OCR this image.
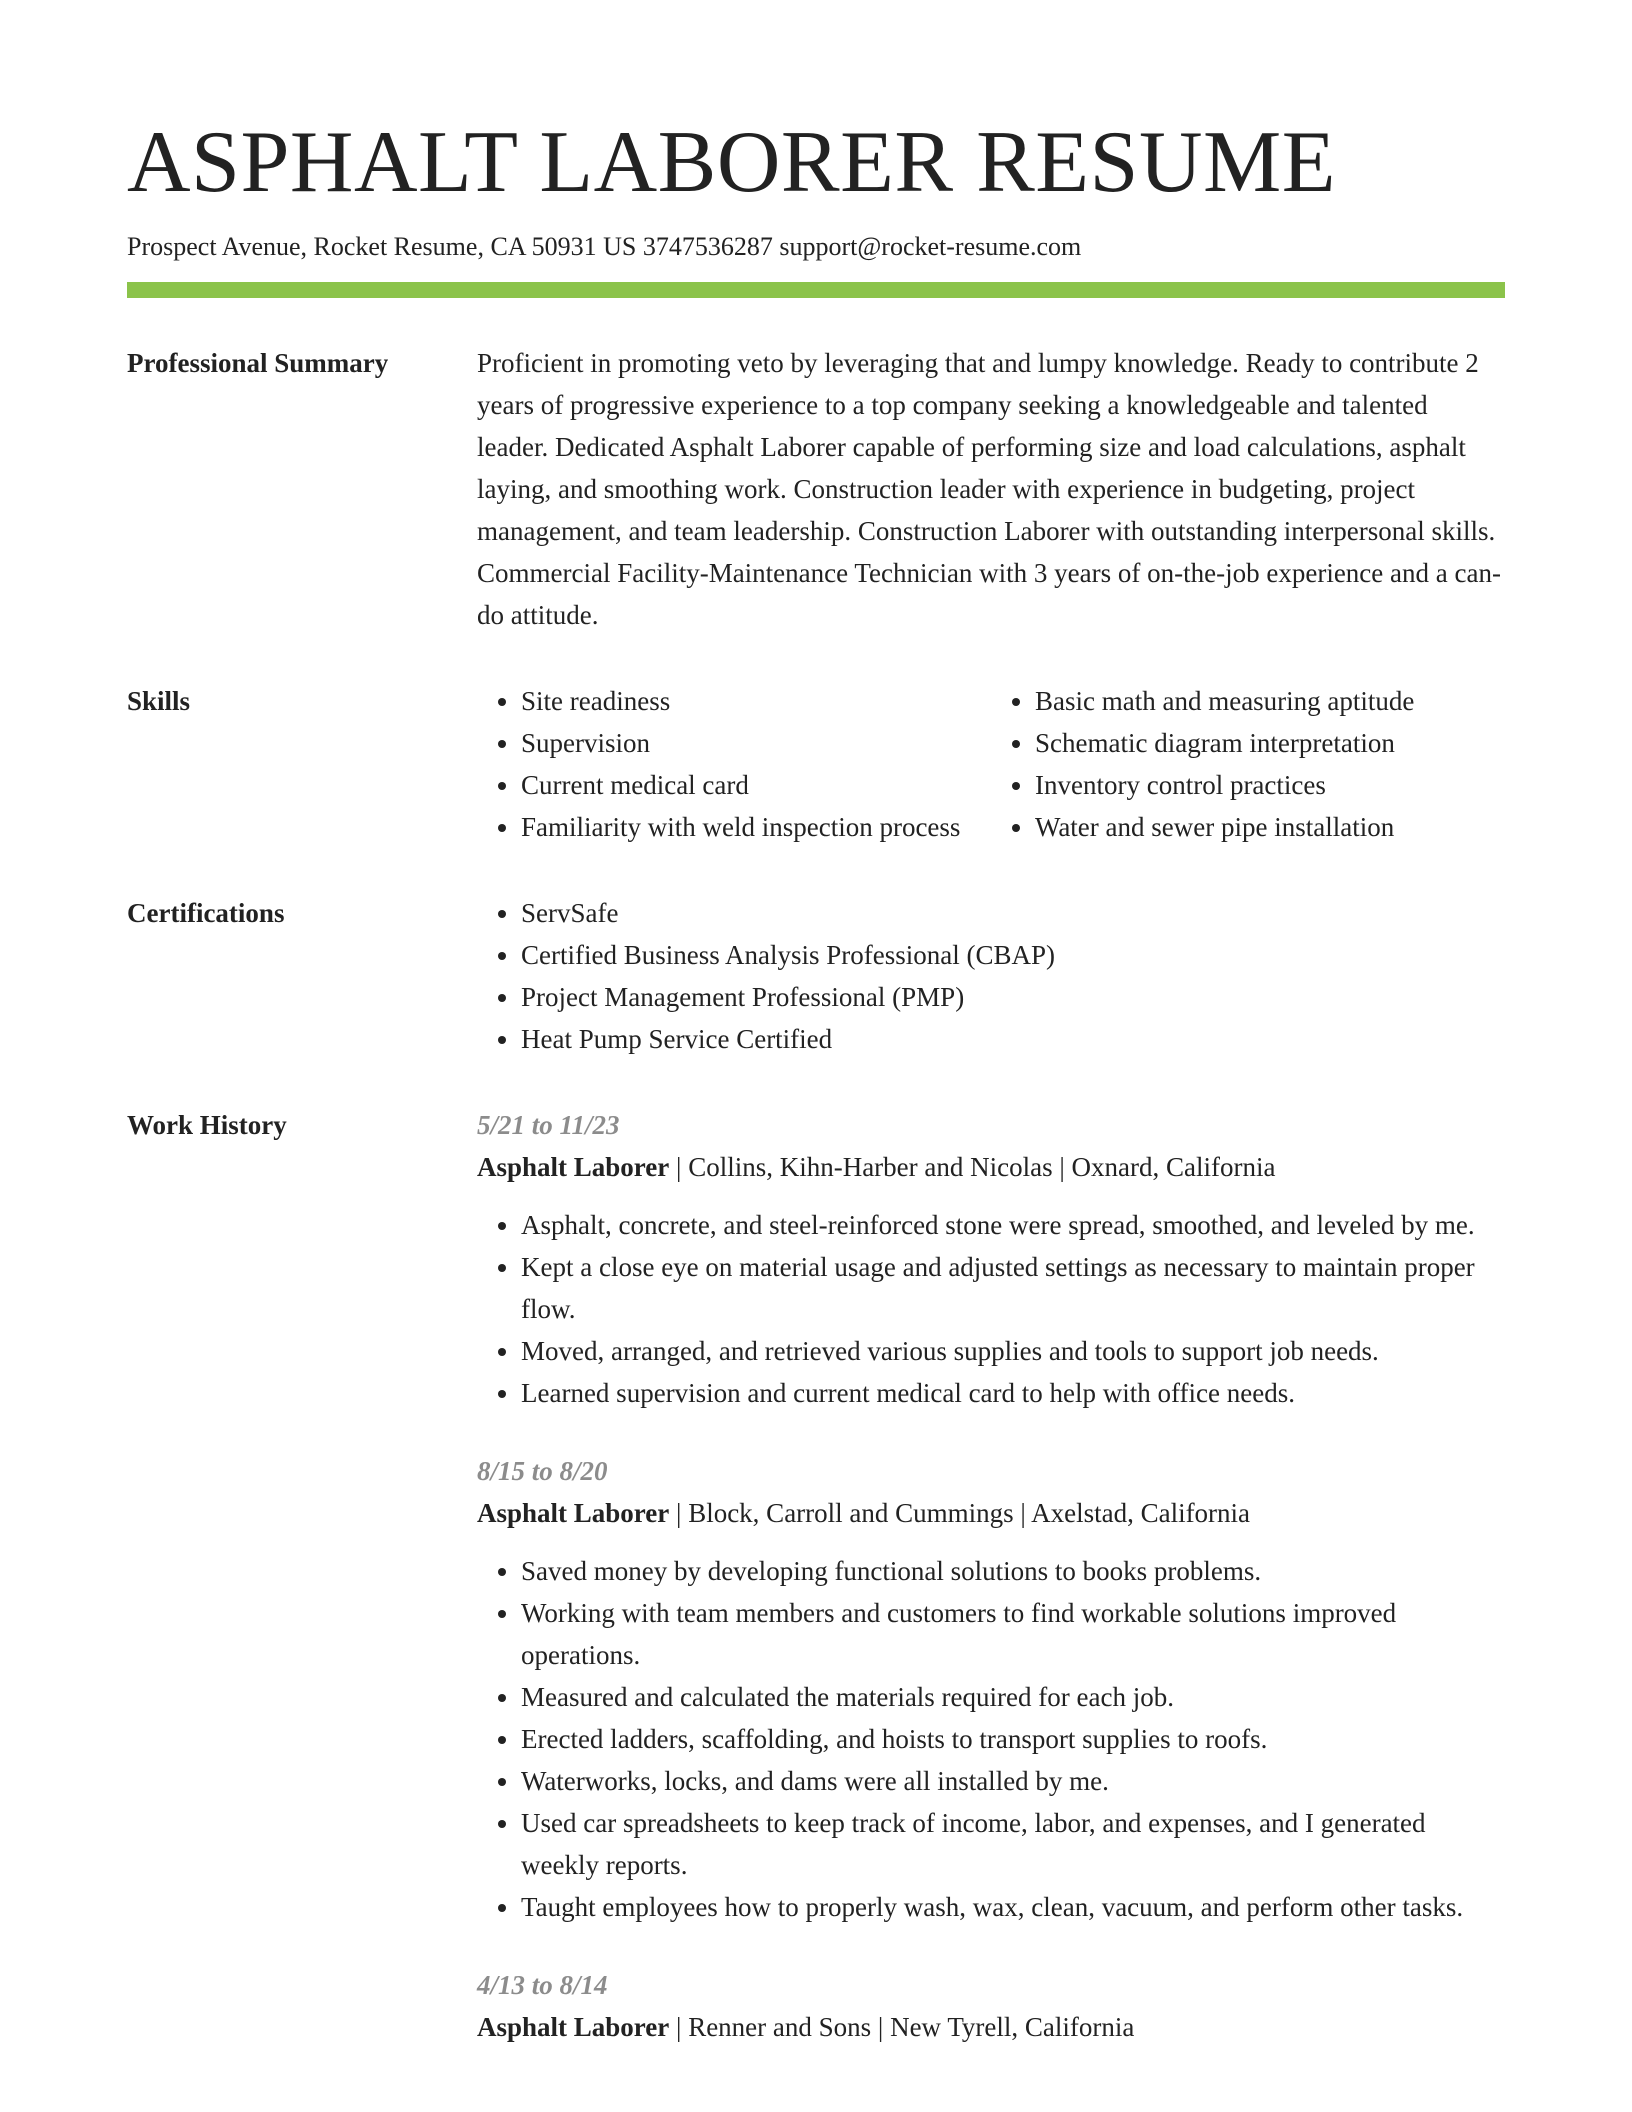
ASPHALT LABORER RESUME
Prospect Avenue, Rocket Resume, CA 50931 US 3747536287 support@rocket-resume.com
Professional Summary	Proficient in promoting veto by leveraging that and lumpy knowledge. Ready to contribute 2 years of progressive experience to a top company seeking a knowledgeable and talented leader. Dedicated Asphalt Laborer capable of performing size and load calculations, asphalt laying, and smoothing work. Construction leader with experience in budgeting, project management, and team leadership. Construction Laborer with outstanding interpersonal skills. Commercial Facility-Maintenance Technician with 3 years of on-the-job experience and a can-do attitude.

Skills	• Site readiness
• Supervision
• Current medical card
• Familiarity with weld inspection process
• Basic math and measuring aptitude
• Schematic diagram interpretation
• Inventory control practices
• Water and sewer pipe installation
Certifications	• ServSafe
• Certified Business Analysis Professional (CBAP)
• Project Management Professional (PMP)
• Heat Pump Service Certified
Work History	5/21 to 11/23
Asphalt Laborer | Collins, Kihn-Harber and Nicolas | Oxnard, California
• Asphalt, concrete, and steel-reinforced stone were spread, smoothed, and leveled by me.
• Kept a close eye on material usage and adjusted settings as necessary to maintain proper flow.
• Moved, arranged, and retrieved various supplies and tools to support job needs.
• Learned supervision and current medical card to help with office needs.
8/15 to 8/20
Asphalt Laborer | Block, Carroll and Cummings | Axelstad, California
• Saved money by developing functional solutions to books problems.
• Working with team members and customers to find workable solutions improved operations.
• Measured and calculated the materials required for each job.
• Erected ladders, scaffolding, and hoists to transport supplies to roofs.
• Waterworks, locks, and dams were all installed by me.
• Used car spreadsheets to keep track of income, labor, and expenses, and I generated weekly reports.
• Taught employees how to properly wash, wax, clean, vacuum, and perform other tasks.
4/13 to 8/14
Asphalt Laborer | Renner and Sons | New Tyrell, California
